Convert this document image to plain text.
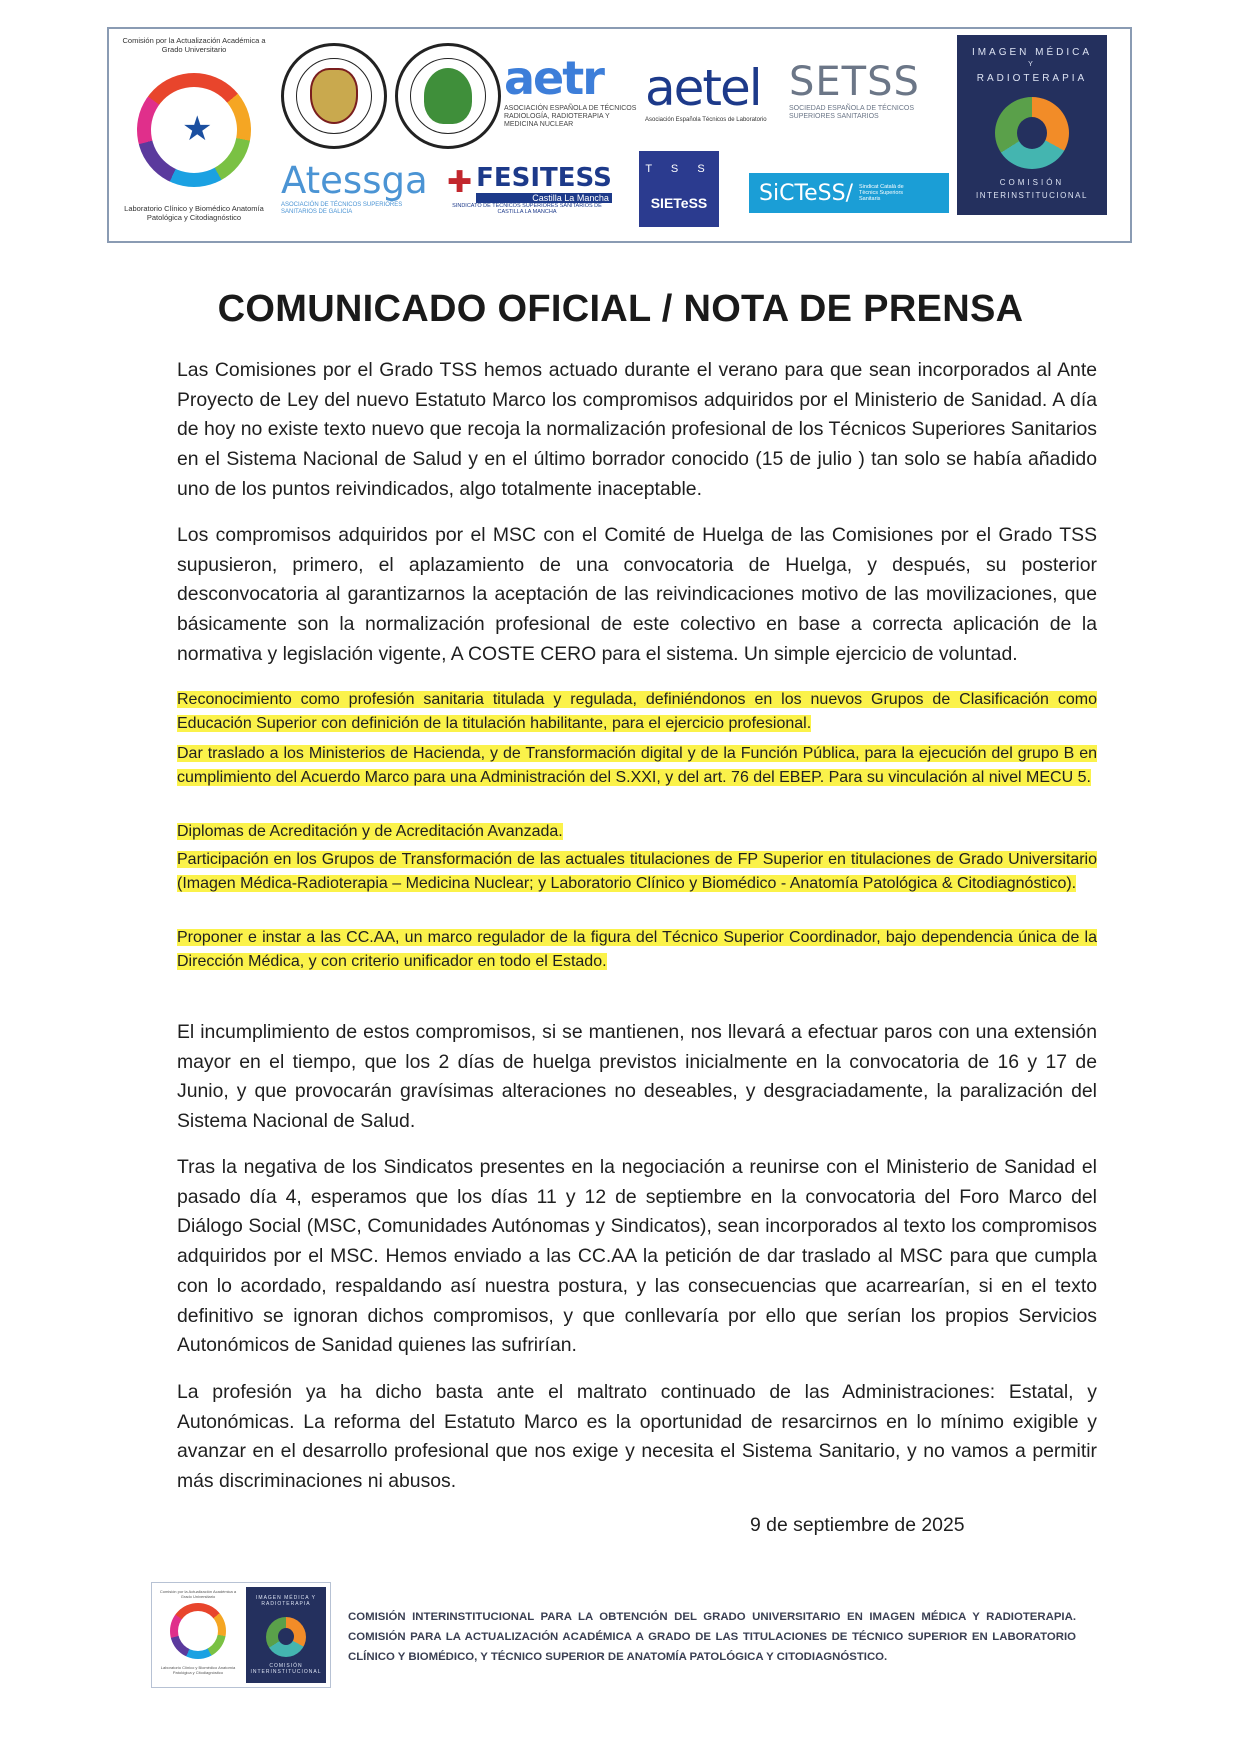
Comisión por la Actualización Académica a Grado Universitario
★
Laboratorio Clínico y Biomédico Anatomía Patológica y Citodiagnóstico
aetr
ASOCIACIÓN ESPAÑOLA DE TÉCNICOS RADIOLOGÍA, RADIOTERAPIA Y MEDICINA NUCLEAR
aetel
Asociación Española Técnicos de Laboratorio
SETSS
SOCIEDAD ESPAÑOLA DE TÉCNICOS SUPERIORES SANITARIOS
Atessga
ASOCIACIÓN DE TÉCNICOS SUPERIORES SANITARIOS DE GALICIA
✚ FESITESS
Castilla La Mancha
SINDICATO DE TÉCNICOS SUPERIORES SANITARIOS DE CASTILLA LA MANCHA
T S S
SIETeSS	SiCTeSS/ Sindicat Català de Tècnics Superiors Sanitaris
IMAGEN MÉDICA
Y
RADIOTERAPIA
COMISIÓN
INTERINSTITUCIONAL
COMUNICADO OFICIAL / NOTA DE PRENSA

Las Comisiones por el Grado TSS hemos actuado durante el verano para que sean incorporados al Ante Proyecto de Ley del nuevo Estatuto Marco los compromisos adquiridos por el Ministerio de Sanidad. A día de hoy no existe texto nuevo que recoja la normalización profesional de los Técnicos Superiores Sanitarios en el Sistema Nacional de Salud y en el último borrador conocido (15 de julio ) tan solo se había añadido uno de los puntos reivindicados, algo totalmente inaceptable.

Los compromisos adquiridos por el MSC con el Comité de Huelga de las Comisiones por el Grado TSS supusieron, primero, el aplazamiento de una convocatoria de Huelga, y después, su posterior desconvocatoria al garantizarnos la aceptación de las reivindicaciones motivo de las movilizaciones, que básicamente son la normalización profesional de este colectivo en base a correcta aplicación de la normativa y legislación vigente, A COSTE CERO para el sistema. Un simple ejercicio de voluntad.

Reconocimiento como profesión sanitaria titulada y regulada, definiéndonos en los nuevos Grupos de Clasificación como Educación Superior con definición de la titulación habilitante, para el ejercicio profesional.
Dar traslado a los Ministerios de Hacienda, y de Transformación digital y de la Función Pública, para la ejecución del grupo B en cumplimiento del Acuerdo Marco para una Administración del S.XXI, y del art. 76 del EBEP. Para su vinculación al nivel MECU 5.
Diplomas de Acreditación y de Acreditación Avanzada.
Participación en los Grupos de Transformación de las actuales titulaciones de FP Superior en titulaciones de Grado Universitario (Imagen Médica-Radioterapia – Medicina Nuclear; y Laboratorio Clínico y Biomédico - Anatomía Patológica & Citodiagnóstico).
Proponer e instar a las CC.AA, un marco regulador de la figura del Técnico Superior Coordinador, bajo dependencia única de la Dirección Médica, y con criterio unificador en todo el Estado.

El incumplimiento de estos compromisos, si se mantienen, nos llevará a efectuar paros con una extensión mayor en el tiempo, que los 2 días de huelga previstos inicialmente en la convocatoria de 16 y 17 de Junio, y que provocarán gravísimas alteraciones no deseables, y desgraciadamente, la paralización del Sistema Nacional de Salud.

Tras la negativa de los Sindicatos presentes en la negociación a reunirse con el Ministerio de Sanidad el pasado día 4, esperamos que los días 11 y 12 de septiembre en la convocatoria del Foro Marco del Diálogo Social (MSC, Comunidades Autónomas y Sindicatos), sean incorporados al texto los compromisos adquiridos por el MSC. Hemos enviado a las CC.AA la petición de dar traslado al MSC para que cumpla con lo acordado, respaldando así nuestra postura, y las consecuencias que acarrearían, si en el texto definitivo se ignoran dichos compromisos, y que conllevaría por ello que serían los propios Servicios Autonómicos de Sanidad quienes las sufrirían.

La profesión ya ha dicho basta ante el maltrato continuado de las Administraciones: Estatal, y Autonómicas. La reforma del Estatuto Marco es la oportunidad de resarcirnos en lo mínimo exigible y avanzar en el desarrollo profesional que nos exige y necesita el Sistema Sanitario, y no vamos a permitir más discriminaciones ni abusos.

9 de septiembre de 2025
Comisión por la Actualización Académica a Grado Universitario
Laboratorio Clínico y Biomédico Anatomía Patológica y Citodiagnóstico
IMAGEN MÉDICA Y RADIOTERAPIA
COMISIÓN INTERINSTITUCIONAL

COMISIÓN INTERINSTITUCIONAL PARA LA OBTENCIÓN DEL GRADO UNIVERSITARIO EN IMAGEN MÉDICA Y RADIOTERAPIA. COMISIÓN PARA LA ACTUALIZACIÓN ACADÉMICA A GRADO DE LAS TITULACIONES DE TÉCNICO SUPERIOR EN LABORATORIO CLÍNICO Y BIOMÉDICO, Y TÉCNICO SUPERIOR DE ANATOMÍA PATOLÓGICA Y CITODIAGNÓSTICO.
